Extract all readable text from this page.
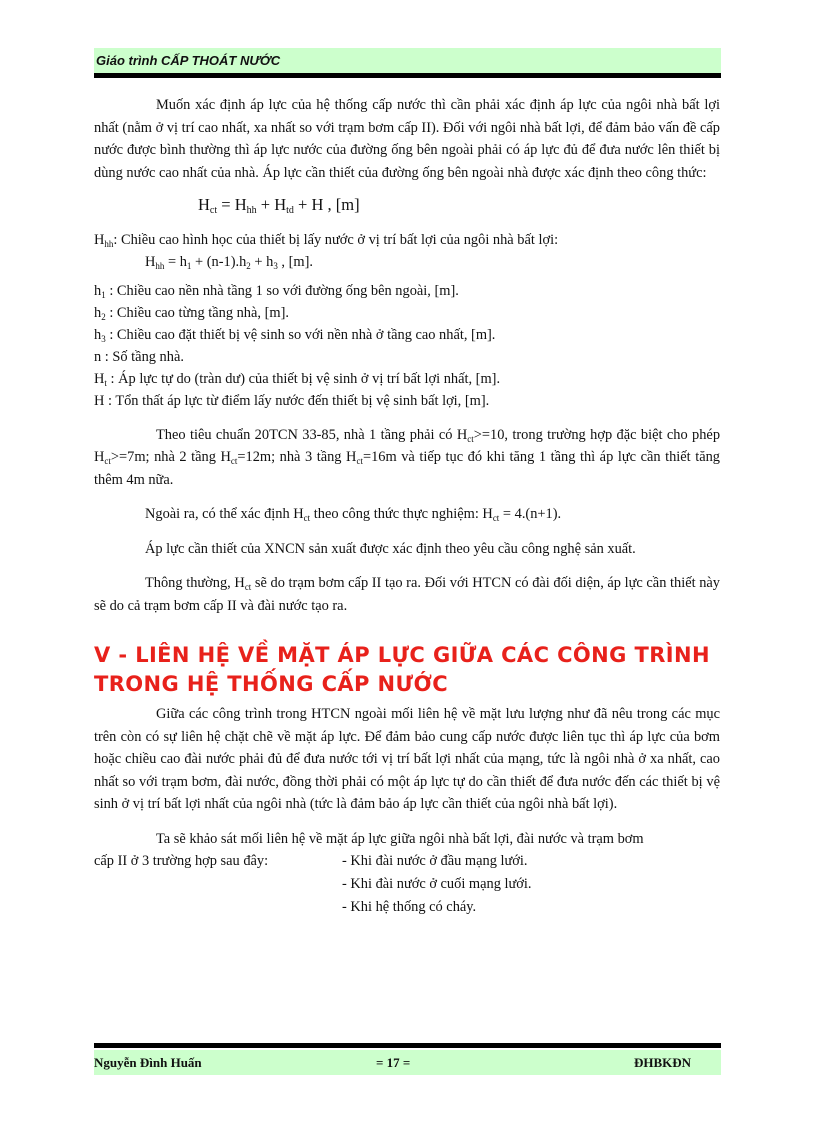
Giáo trình CẤP THOÁT NƯỚC

Muốn xác định áp lực của hệ thống cấp nước thì cần phải xác định áp lực của ngôi nhà bất lợi nhất (nằm ở vị trí cao nhất, xa nhất so với trạm bơm cấp II). Đối với ngôi nhà bất lợi, để đảm bảo vấn đề cấp nước được bình thường thì áp lực nước của đường ống bên ngoài phải có áp lực đủ để đưa nước lên thiết bị dùng nước cao nhất của nhà. Áp lực cần thiết của đường ống bên ngoài nhà được xác định theo công thức:

$H_{ct} = H_{hh} + H_{td} + H$ , [m]

$H_{hh}$: Chiều cao hình học của thiết bị lấy nước ở vị trí bất lợi của ngôi nhà bất lợi:

$H_{hh} = h_1 + (n-1).h_2 + h_3$ , [m].

$h_1$ : Chiều cao nền nhà tầng 1 so với đường ống bên ngoài, [m].

$h_2$ : Chiều cao từng tầng nhà, [m].

$h_3$ : Chiều cao đặt thiết bị vệ sinh so với nền nhà ở tầng cao nhất, [m].

n : Số tầng nhà.

$H_t$ : Áp lực tự do (tràn dư) của thiết bị vệ sinh ở vị trí bất lợi nhất, [m].

H : Tổn thất áp lực từ điểm lấy nước đến thiết bị vệ sinh bất lợi, [m].

Theo tiêu chuẩn 20TCN 33-85, nhà 1 tầng phải có $H_{ct}>=10$, trong trường hợp đặc biệt cho phép $H_{ct}>=7m$; nhà 2 tầng $H_{ct}=12m$; nhà 3 tầng $H_{ct}=16m$ và tiếp tục đó khi tăng 1 tầng thì áp lực cần thiết tăng thêm 4m nữa.

Ngoài ra, có thể xác định $H_{ct}$ theo công thức thực nghiệm: $H_{ct} = 4.(n+1)$.

Áp lực cần thiết của XNCN sản xuất được xác định theo yêu cầu công nghệ sản xuất.

Thông thường, $H_{ct}$ sẽ do trạm bơm cấp II tạo ra. Đối với HTCN có đài đối diện, áp lực cần thiết này sẽ do cả trạm bơm cấp II và đài nước tạo ra.

V - LIÊN HỆ VỀ MẶT ÁP LỰC GIỮA CÁC CÔNG TRÌNH TRONG HỆ THỐNG CẤP NƯỚC

Giữa các công trình trong HTCN ngoài mối liên hệ về mặt lưu lượng như đã nêu trong các mục trên còn có sự liên hệ chặt chẽ về mặt áp lực. Để đảm bảo cung cấp nước được liên tục thì áp lực của bơm hoặc chiều cao đài nước phải đủ để đưa nước tới vị trí bất lợi nhất của mạng, tức là ngôi nhà ở xa nhất, cao nhất so với trạm bơm, đài nước, đồng thời phải có một áp lực tự do cần thiết để đưa nước đến các thiết bị vệ sinh ở vị trí bất lợi nhất của ngôi nhà (tức là đảm bảo áp lực cần thiết của ngôi nhà bất lợi).

Ta sẽ khảo sát mối liên hệ về mặt áp lực giữa ngôi nhà bất lợi, đài nước và trạm bơm

cấp II ở 3 trường hợp sau đây:	- Khi đài nước ở đầu mạng lưới.
- Khi đài nước ở cuối mạng lưới.
- Khi hệ thống có cháy.
Nguyễn Đình Huấn	= 17 =	ĐHBKĐN
